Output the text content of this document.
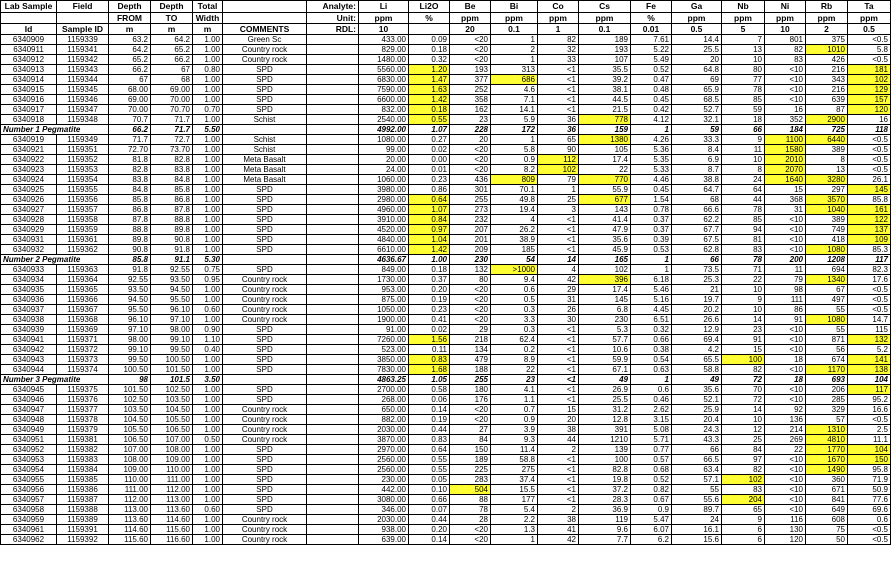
Lab Sample	Field	Depth	Depth	Total		Analyte:	Li	Li2O	Be	Bi	Co	Cs	Fe	Ga	Nb	Ni	Rb	Ta
		FROM	TO	Width		Unit:	ppm	%	ppm	ppm	ppm	ppm	%	ppm	ppm	ppm	ppm	ppm
Id	Sample ID	m	m	m	COMMENTS	RDL:	10		20	0.1	1	0.1	0.01	0.5	5	10	2	0.5
6340909	1159339	63.2	64.2	1.00	Green Sc		433.00	0.09	<20	1	82	189	7.61	14.4	7	801	375	<0.5
6340911	1159341	64.2	65.2	1.00	Country rock		829.00	0.18	<20	2	32	193	5.22	25.5	13	82	1010	5.8
6340912	1159342	65.2	66.2	1.00	Country rock		1480.00	0.32	<20	1	33	107	5.49	20	10	83	426	<0.5
6340913	1159343	66.2	67	0.80	SPD		5560.00	1.20	193	313	<1	35.5	0.52	64.8	80	<10	216	181
6340914	1159344	67	68	1.00	SPD		6830.00	1.47	377	686	<1	39.2	0.47	69	77	<10	343	102
6340915	1159345	68.00	69.00	1.00	SPD		7590.00	1.63	252	4.6	<1	38.1	0.48	65.9	78	<10	216	129
6340916	1159346	69.00	70.00	1.00	SPD		6600.00	1.42	358	7.1	<1	44.5	0.45	68.5	85	<10	639	157
6340917	1159347	70.00	70.70	0.70	SPD		832.00	0.18	162	14.1	<1	21.5	0.42	52.7	59	16	87	120
6340918	1159348	70.7	71.7	1.00	Schist		2540.00	0.55	23	5.9	36	778	4.12	32.1	18	352	2900	16
Number 1 Pegmatite		66.2	71.7	5.50			4992.00	1.07	228	172	36	159	1	59	66	184	725	118
6340919	1159349	71.7	72.7	1.00	Schist		1080.00	0.27	20	1	65	1380	4.26	33.3	9	1100	6440	<0.5
6340921	1159351	72.70	73.70	1.00	Schist		99.00	0.02	<20	5.8	90	105	5.36	8.4	11	1580	389	<0.5
6340922	1159352	81.8	82.8	1.00	Meta Basalt		20.00	0.00	<20	0.9	112	17.4	5.35	6.9	10	2010	8	<0.5
6340923	1159353	82.8	83.8	1.00	Meta Basalt		24.00	0.01	<20	8.2	102	22	5.33	8.7	8	2070	13	<0.5
6340924	1159354	83.8	84.8	1.00	Meta Basalt		1060.00	0.23	436	809	79	770	4.46	38.8	24	1640	3280	26.1
6340925	1159355	84.8	85.8	1.00	SPD		3980.00	0.86	301	70.1	1	55.9	0.45	64.7	64	15	297	145
6340926	1159356	85.8	86.8	1.00	SPD		2980.00	0.64	255	49.8	25	677	1.54	68	44	368	3570	85.8
6340927	1159357	86.8	87.8	1.00	SPD		4960.00	1.07	273	19.4	3	143	0.78	66.6	78	31	1040	161
6340928	1159358	87.8	88.8	1.00	SPD		3910.00	0.84	232	4	<1	41.4	0.37	62.2	85	<10	389	122
6340929	1159359	88.8	89.8	1.00	SPD		4520.00	0.97	207	26.2	<1	47.9	0.37	67.7	94	<10	749	137
6340931	1159361	89.8	90.8	1.00	SPD		4840.00	1.04	201	38.9	<1	35.6	0.39	67.5	81	<10	418	109
6340932	1159362	90.8	91.8	1.00	SPD		6610.00	1.42	209	185	<1	45.9	0.53	62.8	83	<10	1080	85.3
Number 2 Pegmatite		85.8	91.1	5.30			4636.67	1.00	230	54	14	165	1	66	78	200	1208	117
6340933	1159363	91.8	92.55	0.75	SPD		849.00	0.18	132	>1000	4	102	1	73.5	71	11	694	82.3
6340934	1159364	92.55	93.50	0.95	Country rock		1730.00	0.37	80	9.4	42	396	6.18	25.3	22	79	1340	17.6
6340935	1159365	93.50	94.50	1.00	Country rock		953.00	0.20	<20	0.6	29	17.4	5.46	21	10	98	67	<0.5
6340936	1159366	94.50	95.50	1.00	Country rock		875.00	0.19	<20	0.5	31	145	5.16	19.7	9	111	497	<0.5
6340937	1159367	95.50	96.10	0.60	Country rock		1050.00	0.23	<20	0.3	26	6.8	4.45	20.2	10	86	55	<0.5
6340938	1159368	96.10	97.10	1.00	Country rock		1900.00	0.41	<20	3.3	30	230	6.51	26.6	14	91	1080	14.7
6340939	1159369	97.10	98.00	0.90	SPD		91.00	0.02	29	0.3	<1	5.3	0.32	12.9	23	<10	55	115
6340941	1159371	98.00	99.10	1.10	SPD		7260.00	1.56	218	62.4	<1	57.7	0.66	69.4	91	<10	871	132
6340942	1159372	99.10	99.50	0.40	SPD		523.00	0.11	134	0.2	<1	10.6	0.38	4.2	15	<10	56	5.2
6340943	1159373	99.50	100.50	1.00	SPD		3850.00	0.83	479	8.9	<1	59.9	0.54	65.5	100	18	674	141
6340944	1159374	100.50	101.50	1.00	SPD		7830.00	1.68	188	22	<1	67.1	0.63	58.8	82	<10	1170	138
Number 3 Pegmatite		98	101.5	3.50			4863.25	1.05	255	23	<1	49	1	49	72	18	693	104
6340945	1159375	101.50	102.50	1.00	SPD		2700.00	0.58	180	4.1	<1	26.9	0.6	35.6	70	<10	206	117
6340946	1159376	102.50	103.50	1.00	SPD		268.00	0.06	176	1.1	<1	25.5	0.46	52.1	72	<10	285	95.2
6340947	1159377	103.50	104.50	1.00	Country rock		650.00	0.14	<20	0.7	15	31.2	2.62	25.9	14	92	329	16.6
6340948	1159378	104.50	105.50	1.00	Country rock		882.00	0.19	<20	0.9	20	12.8	3.15	20.4	10	136	57	<0.5
6340949	1159379	105.50	106.50	1.00	Country rock		2030.00	0.44	27	3.9	38	391	5.08	24.3	12	214	1310	2.5
6340951	1159381	106.50	107.00	0.50	Country rock		3870.00	0.83	84	9.3	44	1210	5.71	43.3	25	269	4810	11.1
6340952	1159382	107.00	108.00	1.00	SPD		2970.00	0.64	150	11.4	2	139	0.77	66	84	22	1770	104
6340953	1159383	108.00	109.00	1.00	SPD		2560.00	0.55	189	58.8	<1	100	0.57	66.5	97	<10	1670	150
6340954	1159384	109.00	110.00	1.00	SPD		2560.00	0.55	225	275	<1	82.8	0.68	63.4	82	<10	1490	95.8
6340955	1159385	110.00	111.00	1.00	SPD		230.00	0.05	283	37.4	<1	19.8	0.52	57.1	102	<10	360	71.9
6340956	1159386	111.00	112.00	1.00	SPD		442.00	0.10	504	15.5	<1	37.2	0.82	55	83	<10	671	50.9
6340957	1159387	112.00	113.00	1.00	SPD		3080.00	0.66	88	177	<1	28.3	0.67	55.6	204	<10	841	77.6
6340958	1159388	113.00	113.60	0.60	SPD		346.00	0.07	78	5.4	2	36.9	0.9	89.7	65	<10	649	69.6
6340959	1159389	113.60	114.60	1.00	Country rock		2030.00	0.44	28	2.2	38	119	5.47	24	9	116	608	0.6
6340961	1159391	114.60	115.60	1.00	Country rock		938.00	0.20	<20	1.3	41	9.6	6.07	16.1	6	130	75	<0.5
6340962	1159392	115.60	116.60	1.00	Country rock		639.00	0.14	<20	1	42	7.7	6.2	15.6	6	120	50	<0.5
